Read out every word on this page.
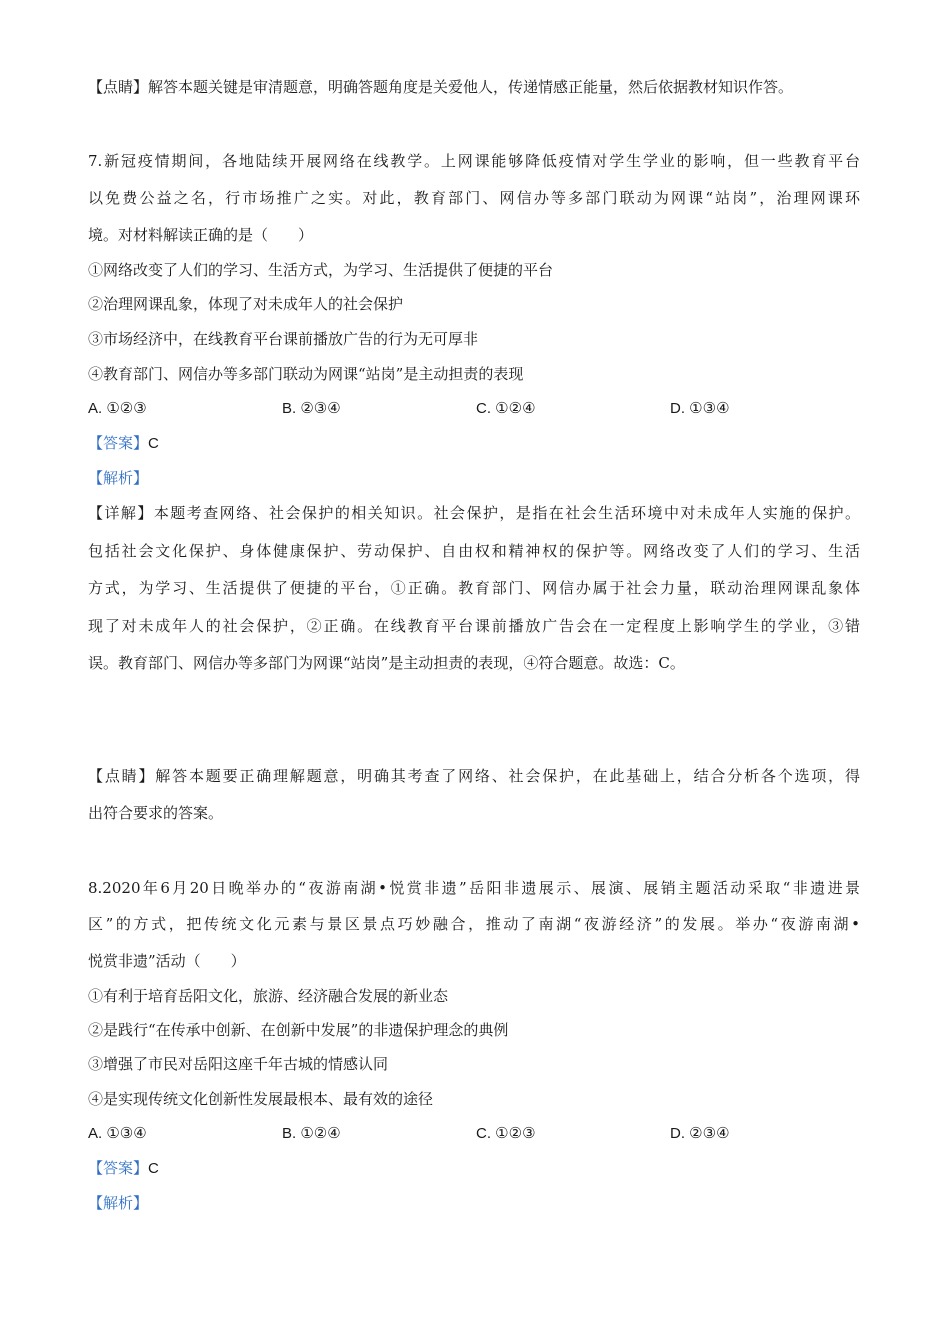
【点睛】解答本题关键是审清题意，明确答题角度是关爱他人，传递情感正能量，然后依据教材知识作答。
7.新冠疫情期间，各地陆续开展网络在线教学。上网课能够降低疫情对学生学业的影响，但一些教育平台
以免费公益之名，行市场推广之实。对此，教育部门、网信办等多部门联动为网课“站岗”，治理网课环
境。对材料解读正确的是（　　）
①网络改变了人们的学习、生活方式，为学习、生活提供了便捷的平台
②治理网课乱象，体现了对未成年人的社会保护
③市场经济中，在线教育平台课前播放广告的行为无可厚非
④教育部门、网信办等多部门联动为网课“站岗”是主动担责的表现
A. ①②③	B. ②③④	C. ①②④	D. ①③④
【答案】C
【解析】
【详解】本题考查网络、社会保护的相关知识。社会保护，是指在社会生活环境中对未成年人实施的保护。
包括社会文化保护、身体健康保护、劳动保护、自由权和精神权的保护等。网络改变了人们的学习、生活
方式，为学习、生活提供了便捷的平台，①正确。教育部门、网信办属于社会力量，联动治理网课乱象体
现了对未成年人的社会保护，②正确。在线教育平台课前播放广告会在一定程度上影响学生的学业，③错
误。教育部门、网信办等多部门为网课“站岗”是主动担责的表现，④符合题意。故选：C。
【点睛】解答本题要正确理解题意，明确其考查了网络、社会保护，在此基础上，结合分析各个选项，得
出符合要求的答案。
8.2020年6月20日晚举办的“夜游南湖•悦赏非遗”岳阳非遗展示、展演、展销主题活动采取“非遗进景
区”的方式，把传统文化元素与景区景点巧妙融合，推动了南湖“夜游经济”的发展。举办“夜游南湖•
悦赏非遗”活动（　　）
①有利于培育岳阳文化，旅游、经济融合发展的新业态
②是践行“在传承中创新、在创新中发展”的非遗保护理念的典例
③增强了市民对岳阳这座千年古城的情感认同
④是实现传统文化创新性发展最根本、最有效的途径
A. ①③④	B. ①②④	C. ①②③	D. ②③④
【答案】C
【解析】
